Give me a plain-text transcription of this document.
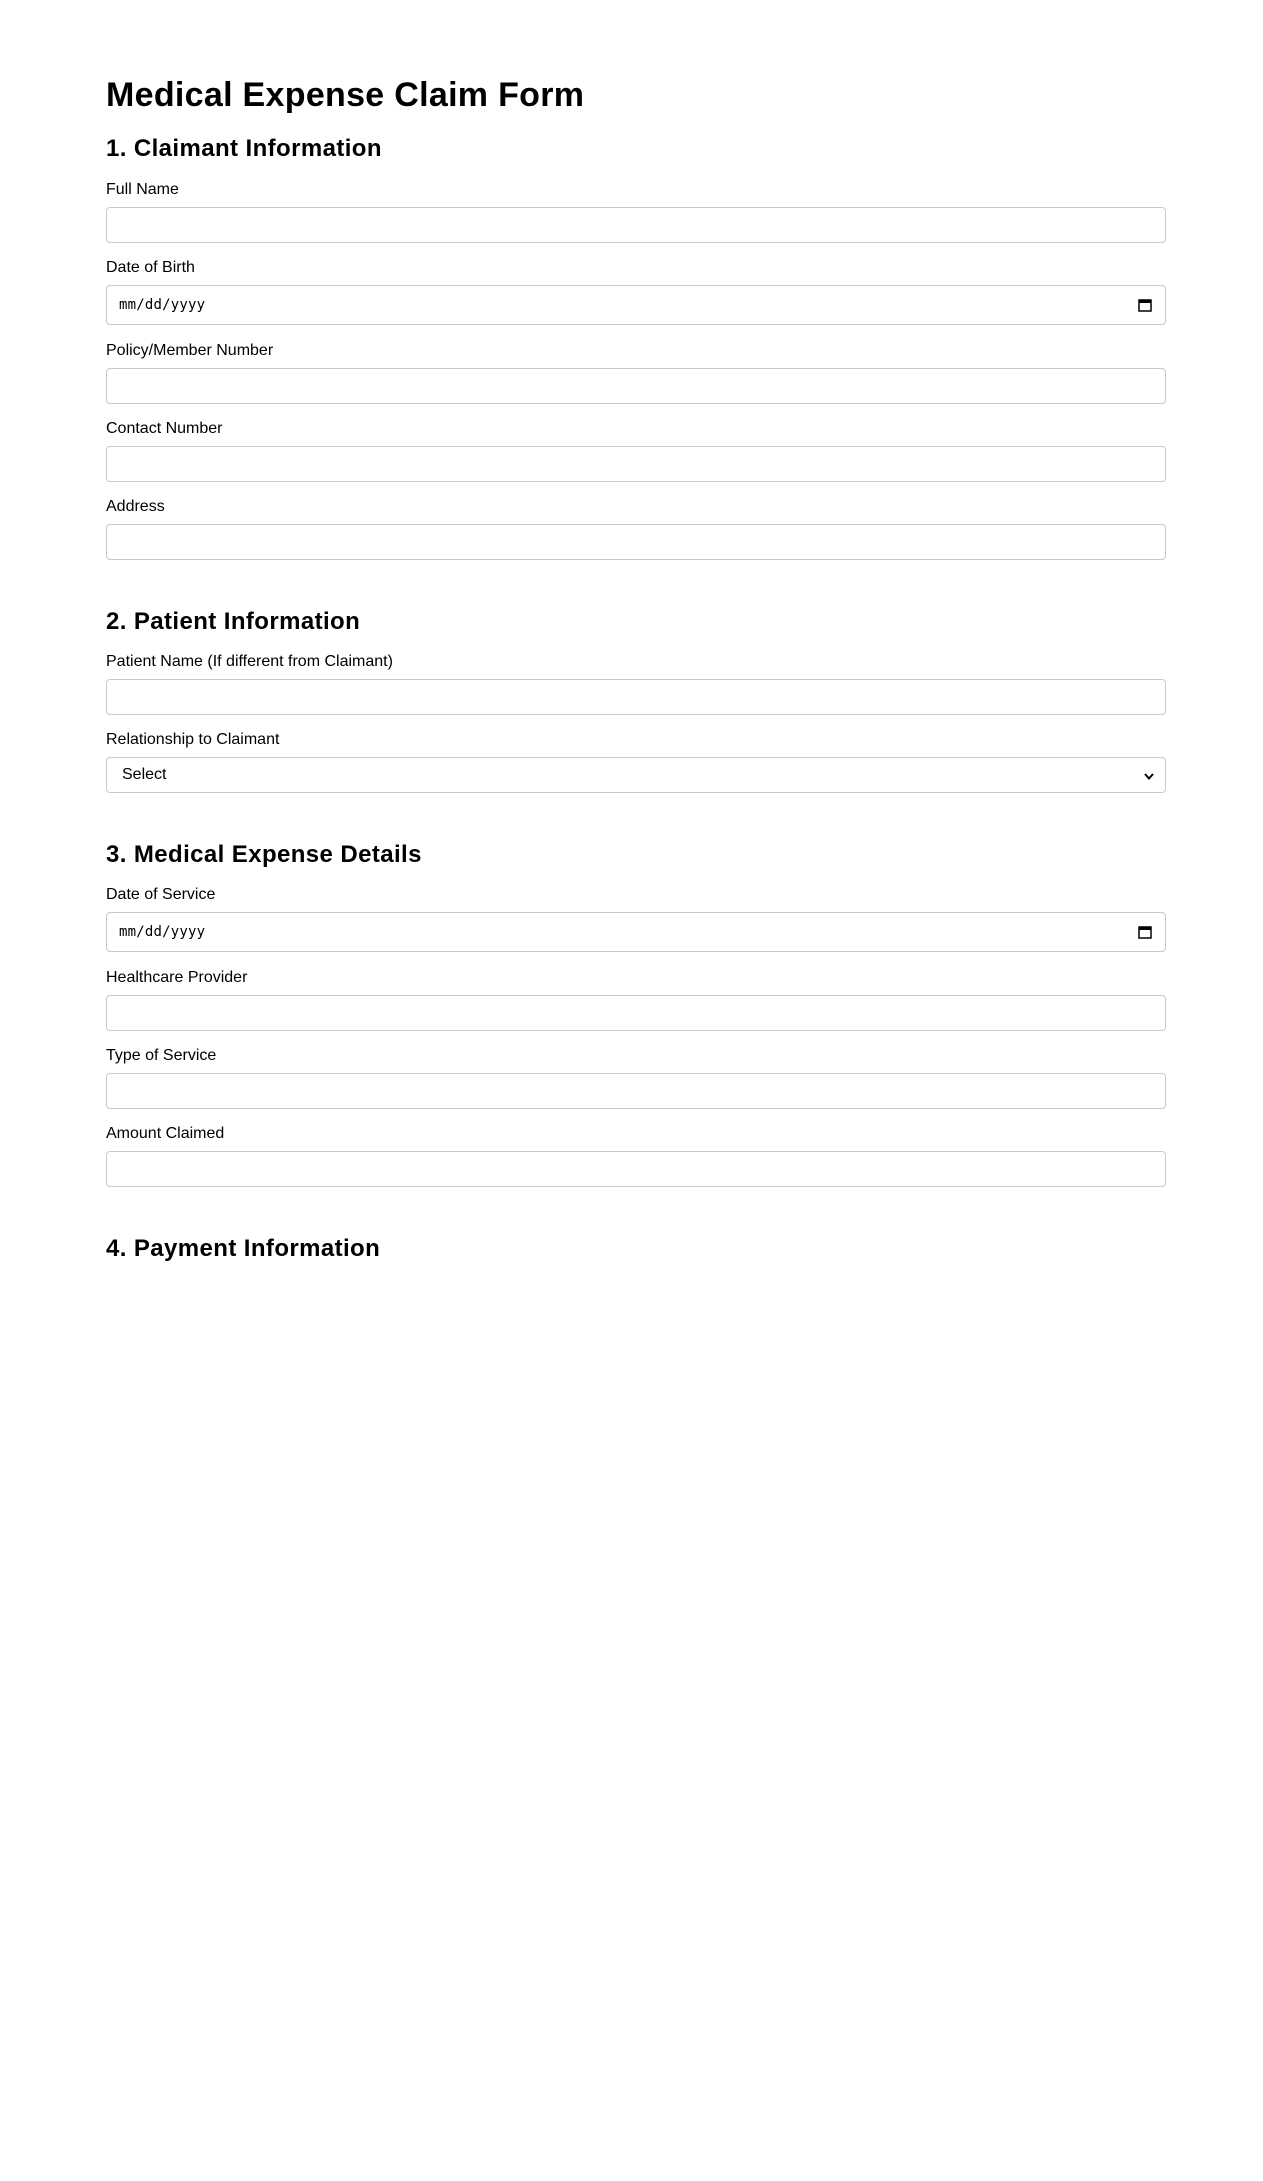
Medical Expense Claim Form
1. Claimant Information
Full Name
Date of Birth
mm/dd/yyyy
Policy/Member Number
Contact Number
Address
2. Patient Information
Patient Name (If different from Claimant)
Relationship to Claimant
Select
3. Medical Expense Details
Date of Service
mm/dd/yyyy
Healthcare Provider
Type of Service
Amount Claimed
4. Payment Information
